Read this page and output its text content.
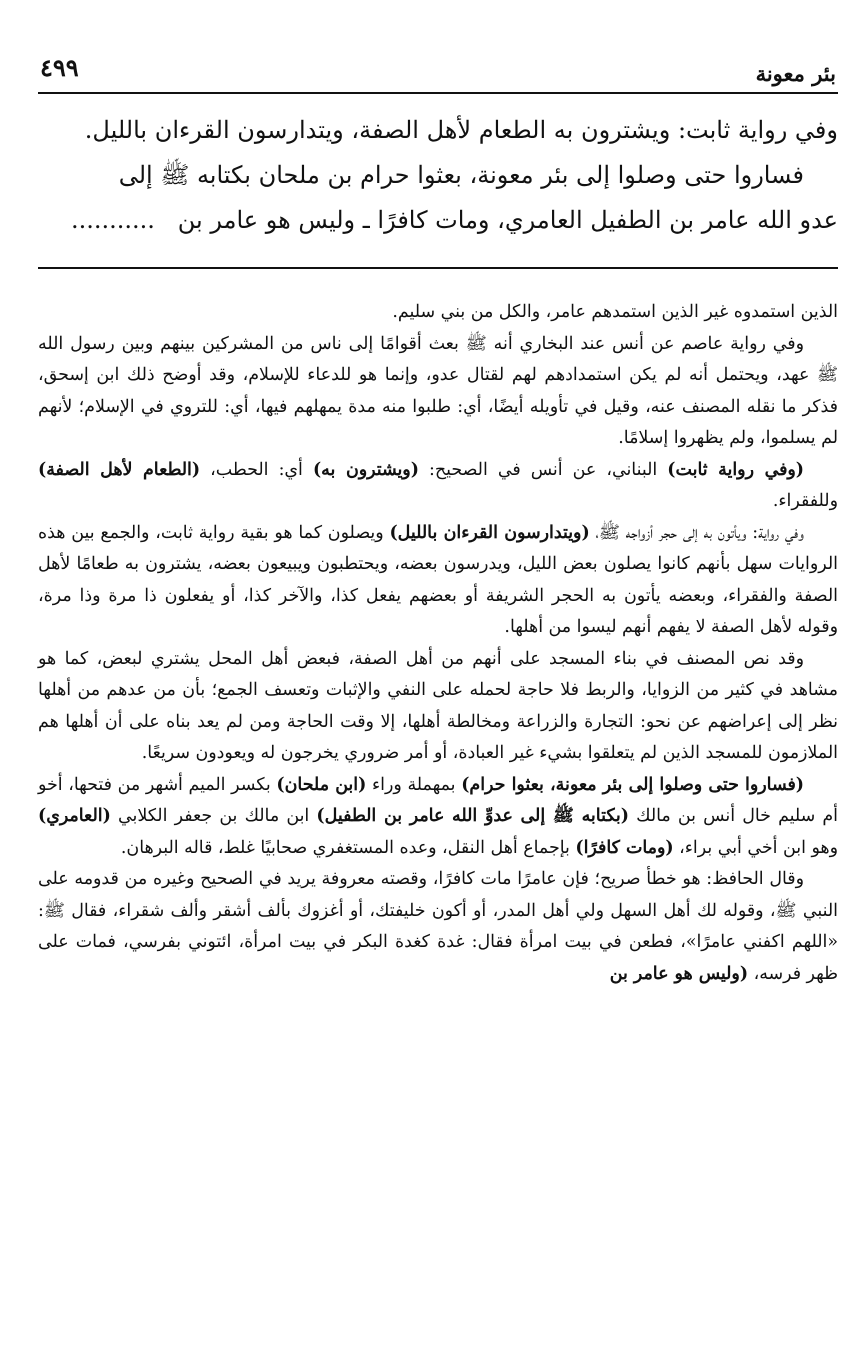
بئر معونة
٤٩٩

وفي رواية ثابت: ويشترون به الطعام لأهل الصفة، ويتدارسون القرءان بالليل.

فساروا حتى وصلوا إلى بئر معونة، بعثوا حرام بن ملحان بكتابه ﷺ إلى

عدو الله عامر بن الطفيل العامري، ومات كافرًا ـ وليس هو عامر بن   ...........

الذين استمدوه غير الذين استمدهم عامر، والكل من بني سليم.

وفي رواية عاصم عن أنس عند البخاري أنه ﷺ بعث أقوامًا إلى ناس من المشركين بينهم وبين رسول الله ﷺ عهد، ويحتمل أنه لم يكن استمدادهم لهم لقتال عدو، وإنما هو للدعاء للإسلام، وقد أوضح ذلك ابن إسحق، فذكر ما نقله المصنف عنه، وقيل في تأويله أيضًا، أي: طلبوا منه مدة يمهلهم فيها، أي: للتروي في الإسلام؛ لأنهم لم يسلموا، ولم يظهروا إسلامًا.

(وفي رواية ثابت) البناني، عن أنس في الصحيح: (ويشترون به) أي: الحطب، (الطعام لأهل الصفة) وللفقراء.

وفي رواية: ويأتون به إلى حجر أزواجه ﷺ، (ويتدارسون القرءان بالليل) ويصلون كما هو بقية رواية ثابت، والجمع بين هذه الروايات سهل بأنهم كانوا يصلون بعض الليل، ويدرسون بعضه، ويحتطبون ويبيعون بعضه، يشترون به طعامًا لأهل الصفة والفقراء، وبعضه يأتون به الحجر الشريفة أو بعضهم يفعل كذا، والآخر كذا، أو يفعلون ذا مرة وذا مرة، وقوله لأهل الصفة لا يفهم أنهم ليسوا من أهلها.

وقد نص المصنف في بناء المسجد على أنهم من أهل الصفة، فبعض أهل المحل يشتري لبعض، كما هو مشاهد في كثير من الزوايا، والربط فلا حاجة لحمله على النفي والإثبات وتعسف الجمع؛ بأن من عدهم من أهلها نظر إلى إعراضهم عن نحو: التجارة والزراعة ومخالطة أهلها، إلا وقت الحاجة ومن لم يعد بناه على أن أهلها هم الملازمون للمسجد الذين لم يتعلقوا بشيء غير العبادة، أو أمر ضروري يخرجون له ويعودون سريعًا.

(فساروا حتى وصلوا إلى بئر معونة، بعثوا حرام) بمهملة وراء (ابن ملحان) بكسر الميم أشهر من فتحها، أخو أم سليم خال أنس بن مالك (بكتابه ﷺ إلى عدوِّ الله عامر بن الطفيل) ابن مالك بن جعفر الكلابي (العامري) وهو ابن أخي أبي براء، (ومات كافرًا) بإجماع أهل النقل، وعده المستغفري صحابيًا غلط، قاله البرهان.

وقال الحافظ: هو خطأ صريح؛ فإن عامرًا مات كافرًا، وقصته معروفة يريد في الصحيح وغيره من قدومه على النبي ﷺ، وقوله لك أهل السهل ولي أهل المدر، أو أكون خليفتك، أو أغزوك بألف أشقر وألف شقراء، فقال ﷺ: «اللهم اكفني عامرًا»، فطعن في بيت امرأة فقال: غدة كغدة البكر في بيت امرأة، ائتوني بفرسي، فمات على ظهر فرسه، (وليس هو عامر بن
